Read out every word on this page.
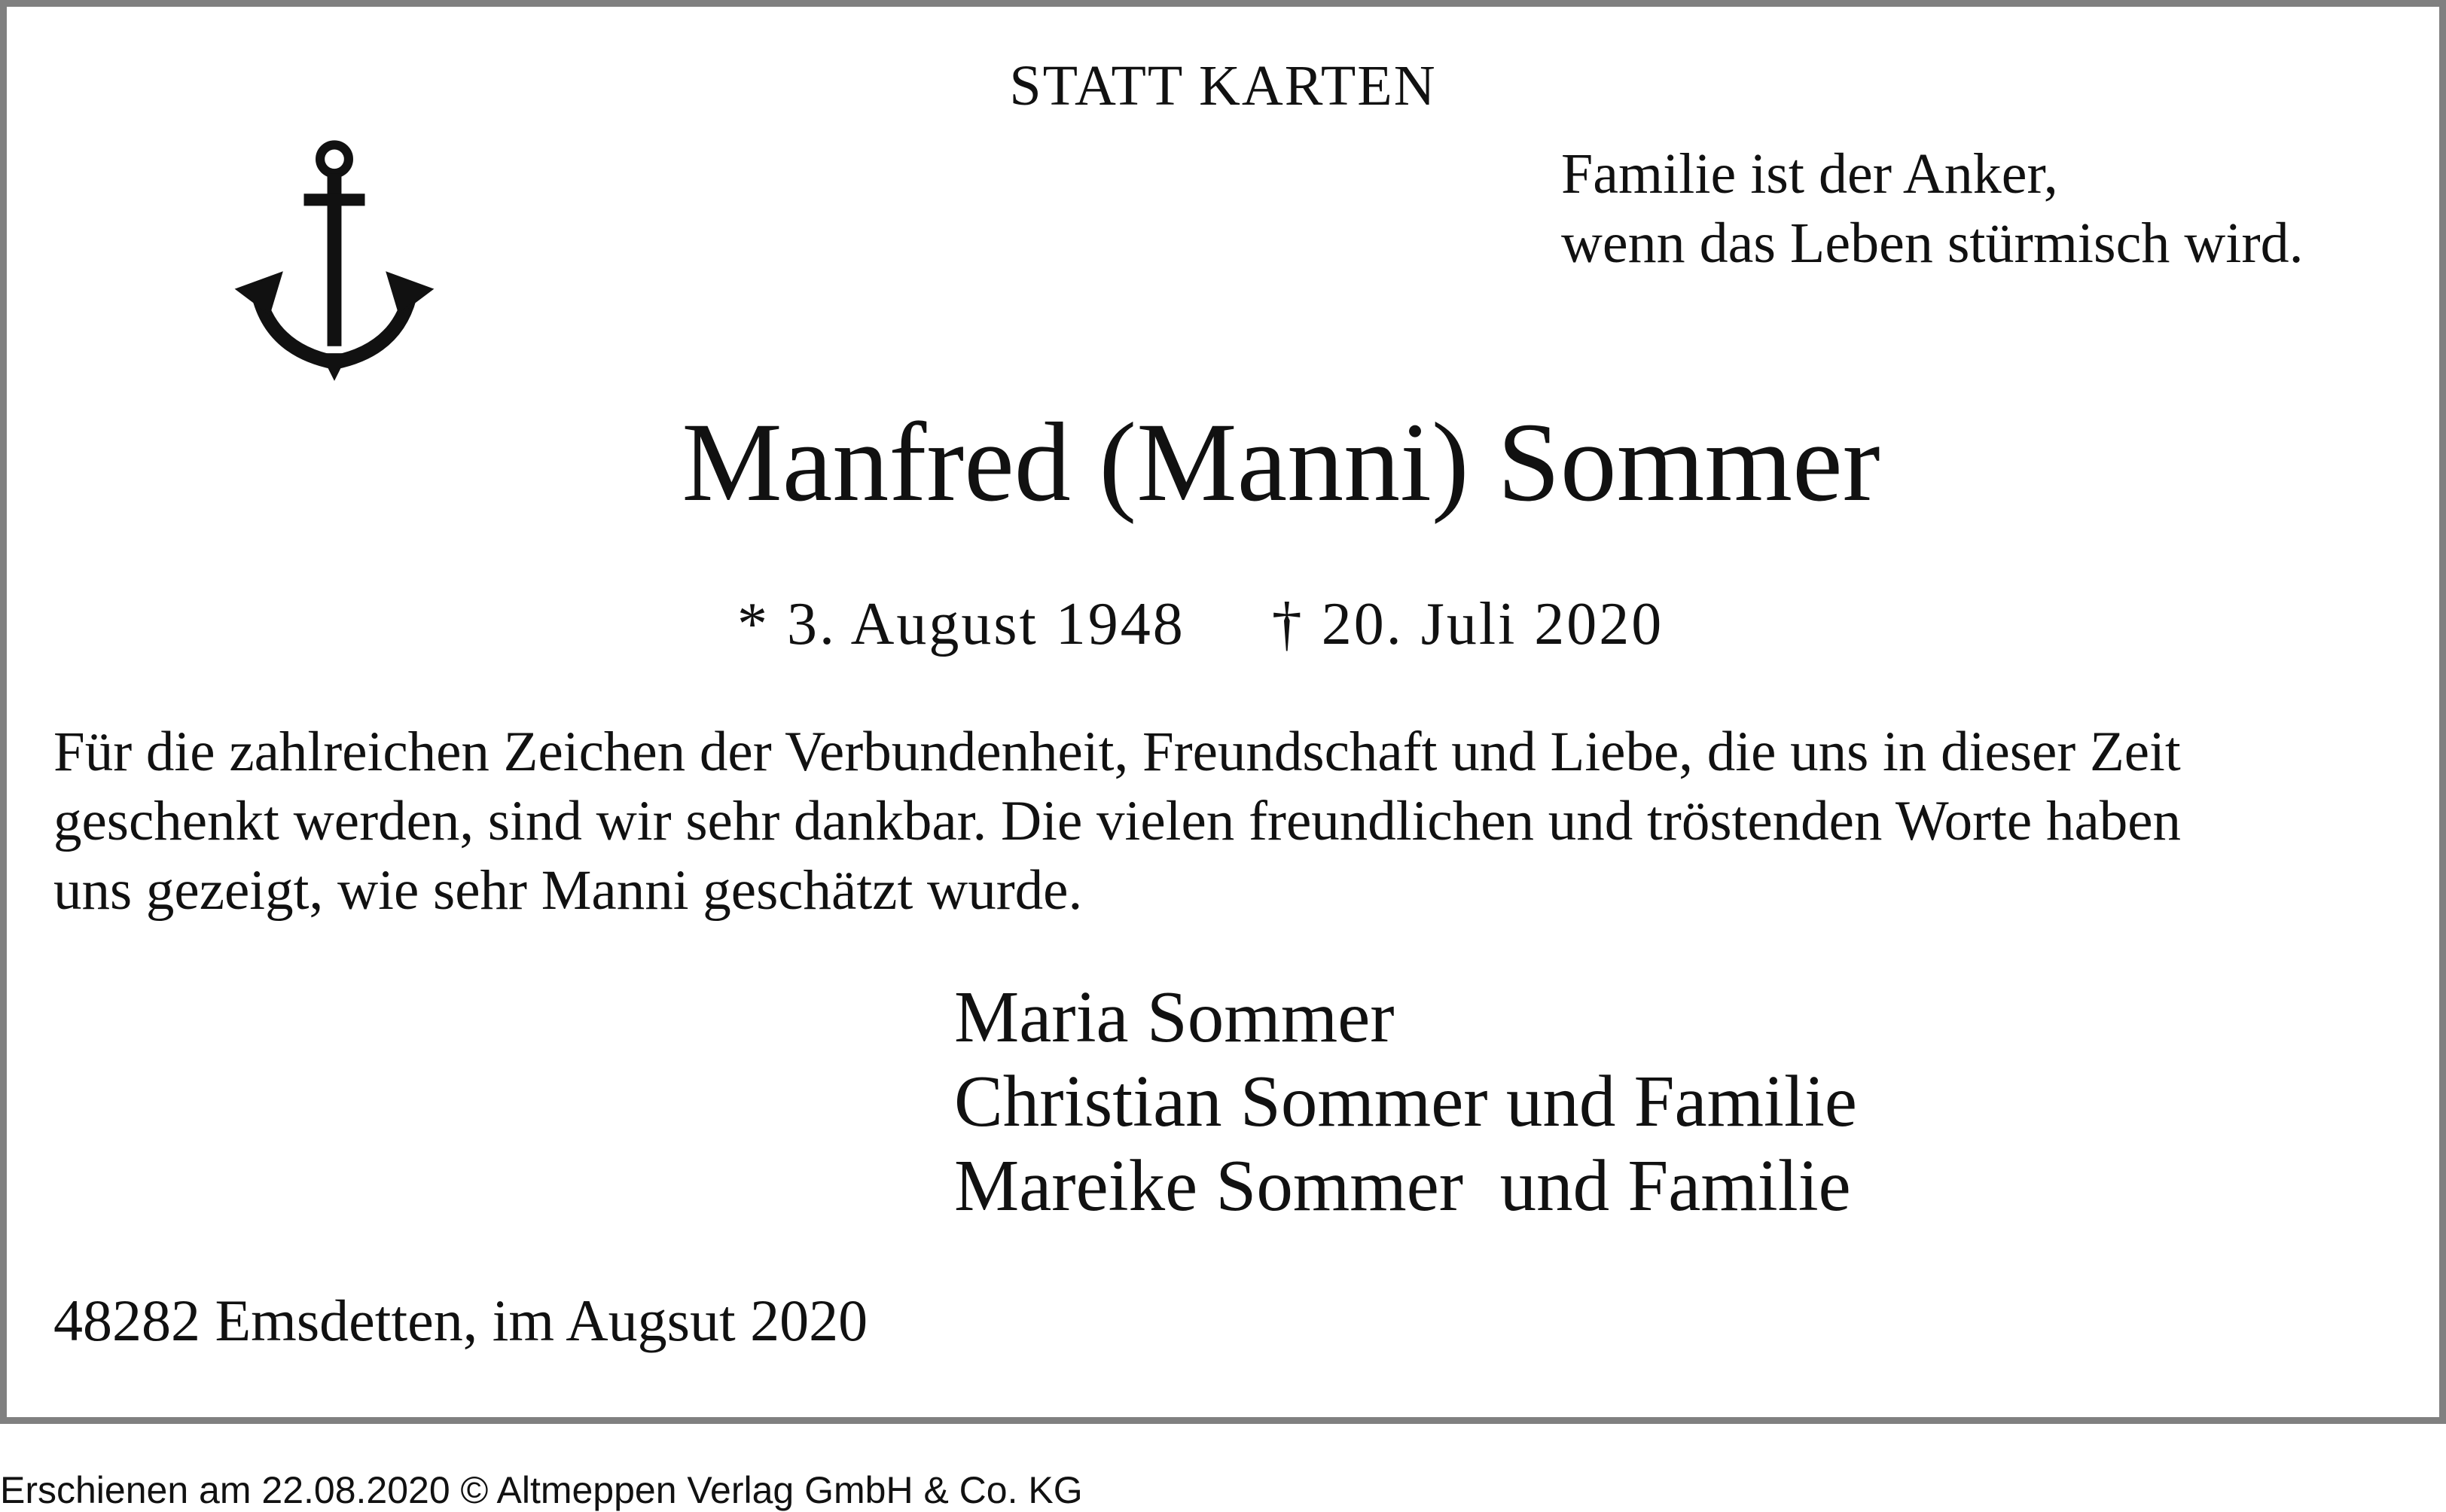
STATT KARTEN
Familie ist der Anker,
wenn das Leben stürmisch wird.
Manfred (Manni) Sommer
* 3. August 1948 † 20. Juli 2020
Für die zahlreichen Zeichen der Verbundenheit, Freundschaft und Liebe, die uns in dieser Zeit
geschenkt werden, sind wir sehr dankbar. Die vielen freundlichen und tröstenden Worte haben
uns gezeigt, wie sehr Manni geschätzt wurde.
Maria Sommer
Christian Sommer und Familie
Mareike Sommer  und Familie
48282 Emsdetten, im Augsut 2020
Erschienen am 22.08.2020 © Altmeppen Verlag GmbH & Co. KG
